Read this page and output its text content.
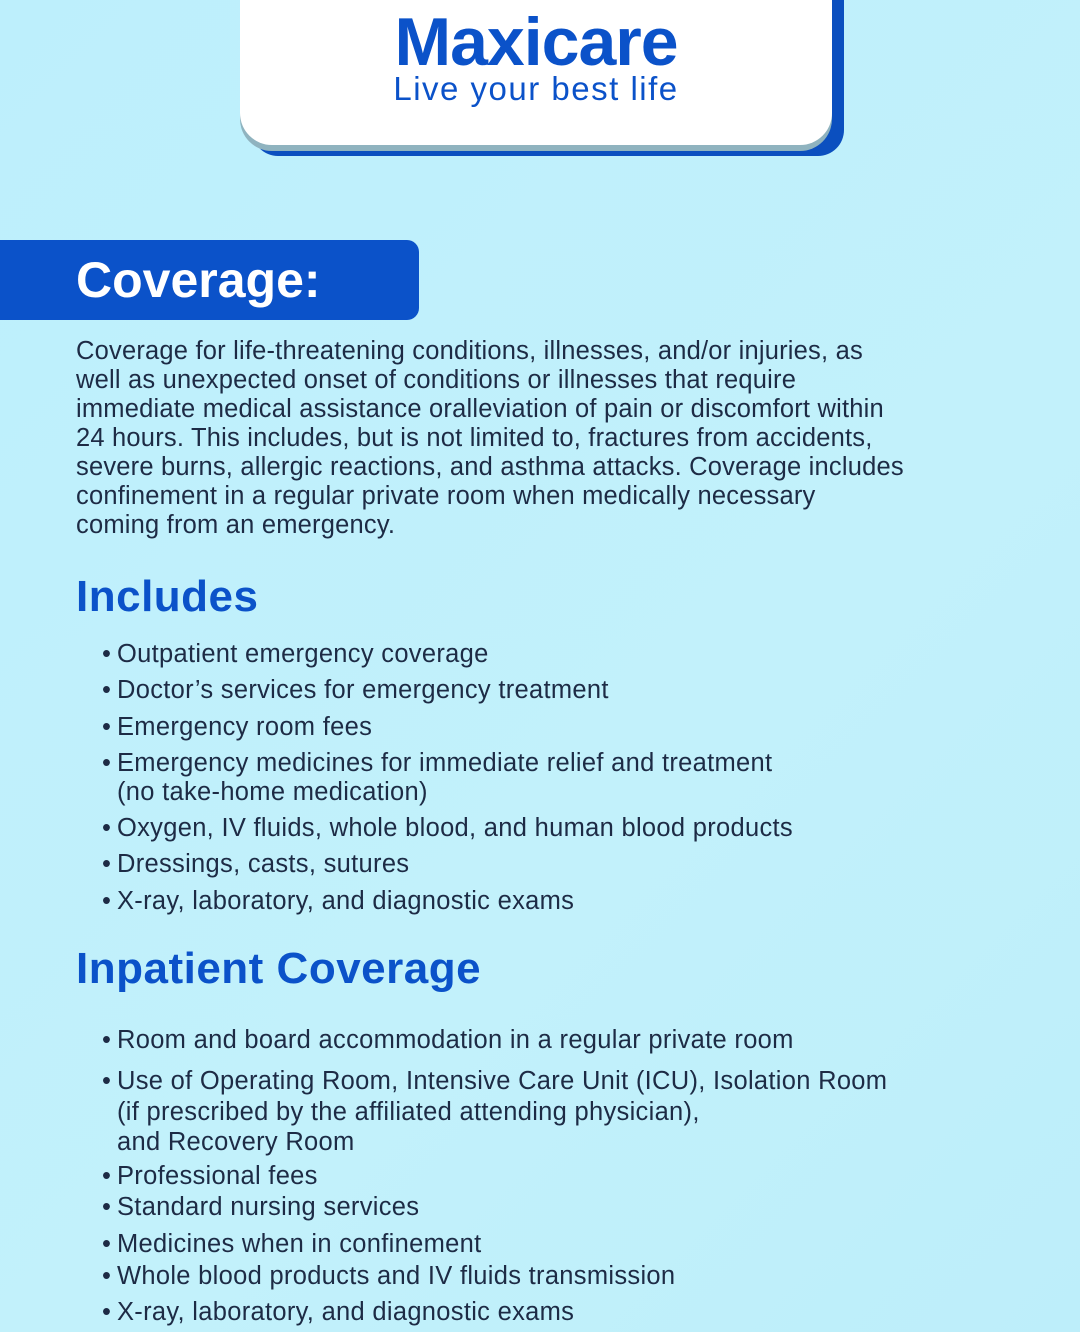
Maxicare
Live your best life
Coverage:
Coverage for life-threatening conditions, illnesses, and/or injuries, as
well as unexpected onset of conditions or illnesses that require
immediate medical assistance oralleviation of pain or discomfort within
24 hours. This includes, but is not limited to, fractures from accidents,
severe burns, allergic reactions, and asthma attacks. Coverage includes
confinement in a regular private room when medically necessary
coming from an emergency.
Includes
• Outpatient emergency coverage
• Doctor’s services for emergency treatment
• Emergency room fees
• Emergency medicines for immediate relief and treatment
(no take-home medication)
• Oxygen, IV fluids, whole blood, and human blood products
• Dressings, casts, sutures
• X-ray, laboratory, and diagnostic exams
Inpatient Coverage
• Room and board accommodation in a regular private room
• Use of Operating Room, Intensive Care Unit (ICU), Isolation Room
(if prescribed by the affiliated attending physician),
and Recovery Room
• Professional fees
• Standard nursing services
• Medicines when in confinement
• Whole blood products and IV fluids transmission
• X-ray, laboratory, and diagnostic exams
